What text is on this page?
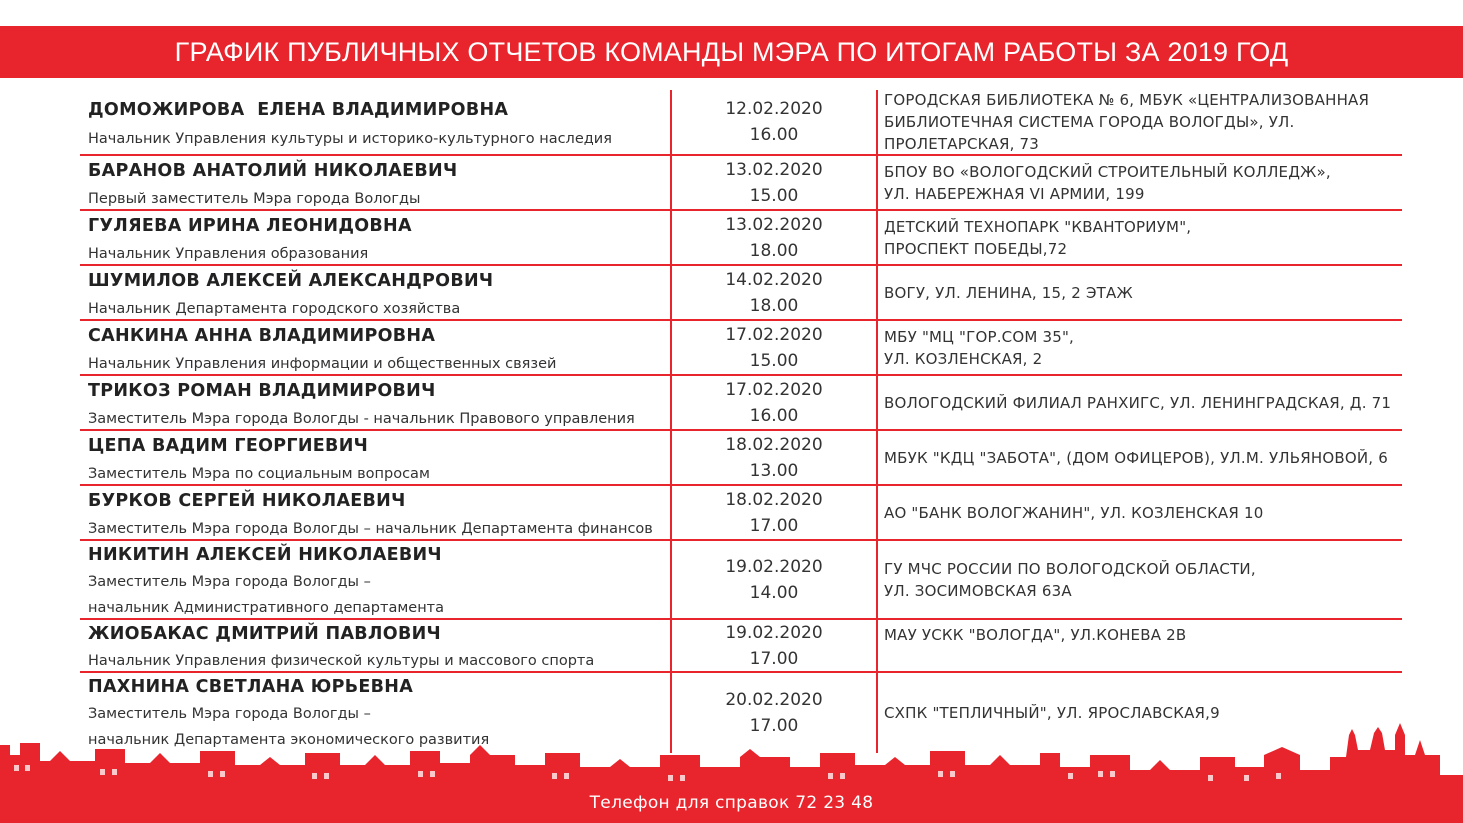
ГРАФИК ПУБЛИЧНЫХ ОТЧЕТОВ КОМАНДЫ МЭРА ПО ИТОГАМ РАБОТЫ ЗА 2019 ГОД
ДОМОЖИРОВА  ЕЛЕНА ВЛАДИМИРОВНА
Начальник Управления культуры и историко-культурного наследия
12.02.2020
16.00
ГОРОДСКАЯ БИБЛИОТЕКА № 6, МБУК «ЦЕНТРАЛИЗОВАННАЯ
БИБЛИОТЕЧНАЯ СИСТЕМА ГОРОДА ВОЛОГДЫ», УЛ.
ПРОЛЕТАРСКАЯ, 73
БАРАНОВ АНАТОЛИЙ НИКОЛАЕВИЧ
Первый заместитель Мэра города Вологды
13.02.2020
15.00
БПОУ ВО «ВОЛОГОДСКИЙ СТРОИТЕЛЬНЫЙ КОЛЛЕДЖ»,
УЛ. НАБЕРЕЖНАЯ VI АРМИИ, 199
ГУЛЯЕВА ИРИНА ЛЕОНИДОВНА
Начальник Управления образования
13.02.2020
18.00
ДЕТСКИЙ ТЕХНОПАРК "КВАНТОРИУМ",
ПРОСПЕКТ ПОБЕДЫ,72
ШУМИЛОВ АЛЕКСЕЙ АЛЕКСАНДРОВИЧ
Начальник Департамента городского хозяйства
14.02.2020
18.00
ВОГУ, УЛ. ЛЕНИНА, 15, 2 ЭТАЖ
САНКИНА АННА ВЛАДИМИРОВНА
Начальник Управления информации и общественных связей
17.02.2020
15.00
МБУ "МЦ "ГОР.СОМ 35",
УЛ. КОЗЛЕНСКАЯ, 2
ТРИКОЗ РОМАН ВЛАДИМИРОВИЧ
Заместитель Мэра города Вологды - начальник Правового управления
17.02.2020
16.00
ВОЛОГОДСКИЙ ФИЛИАЛ РАНХИГС, УЛ. ЛЕНИНГРАДСКАЯ, Д. 71
ЦЕПА ВАДИМ ГЕОРГИЕВИЧ
Заместитель Мэра по социальным вопросам
18.02.2020
13.00
МБУК "КДЦ "ЗАБОТА", (ДОМ ОФИЦЕРОВ), УЛ.М. УЛЬЯНОВОЙ, 6
БУРКОВ СЕРГЕЙ НИКОЛАЕВИЧ
Заместитель Мэра города Вологды – начальник Департамента финансов
18.02.2020
17.00
АО "БАНК ВОЛОГЖАНИН", УЛ. КОЗЛЕНСКАЯ 10
НИКИТИН АЛЕКСЕЙ НИКОЛАЕВИЧ
Заместитель Мэра города Вологды –
начальник Административного департамента
19.02.2020
14.00
ГУ МЧС РОССИИ ПО ВОЛОГОДСКОЙ ОБЛАСТИ,
УЛ. ЗОСИМОВСКАЯ 63А
ЖИОБАКАС ДМИТРИЙ ПАВЛОВИЧ
Начальник Управления физической культуры и массового спорта
19.02.2020
17.00
МАУ УСКК "ВОЛОГДА", УЛ.КОНЕВА 2В
ПАХНИНА СВЕТЛАНА ЮРЬЕВНА
Заместитель Мэра города Вологды –
начальник Департамента экономического развития
20.02.2020
17.00
СХПК "ТЕПЛИЧНЫЙ", УЛ. ЯРОСЛАВСКАЯ,9
Телефон для справок 72 23 48
